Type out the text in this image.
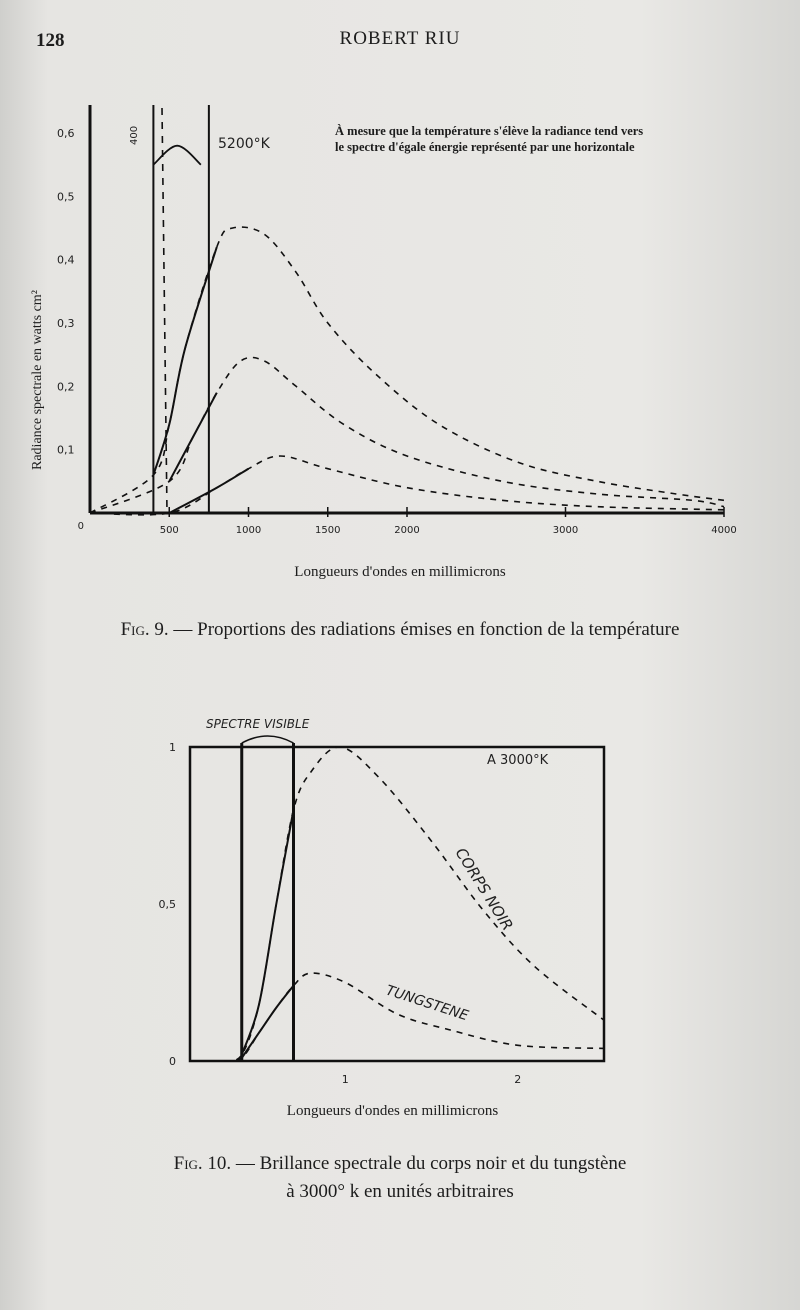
128	ROBERT RIU
À mesure que la température s'élève la radiance tend vers
le spectre d'égale énergie représenté par une horizontale
Radiance spectrale en watts cm²
5200°K
400
0,1
0,2
0,3
0,4
0,5
0,6
500	1000	1500	2000	3000	4000
0
Longueurs d'ondes en millimicrons
Fig. 9. — Proportions des radiations émises en fonction de la température
SPECTRE VISIBLE
A 3000°K
CORPS NOIR
TUNGSTENE
0
0,5
1
1	2
Longueurs d'ondes en millimicrons
Fig. 10. — Brillance spectrale du corps noir et du tungstène
à 3000° k en unités arbitraires
